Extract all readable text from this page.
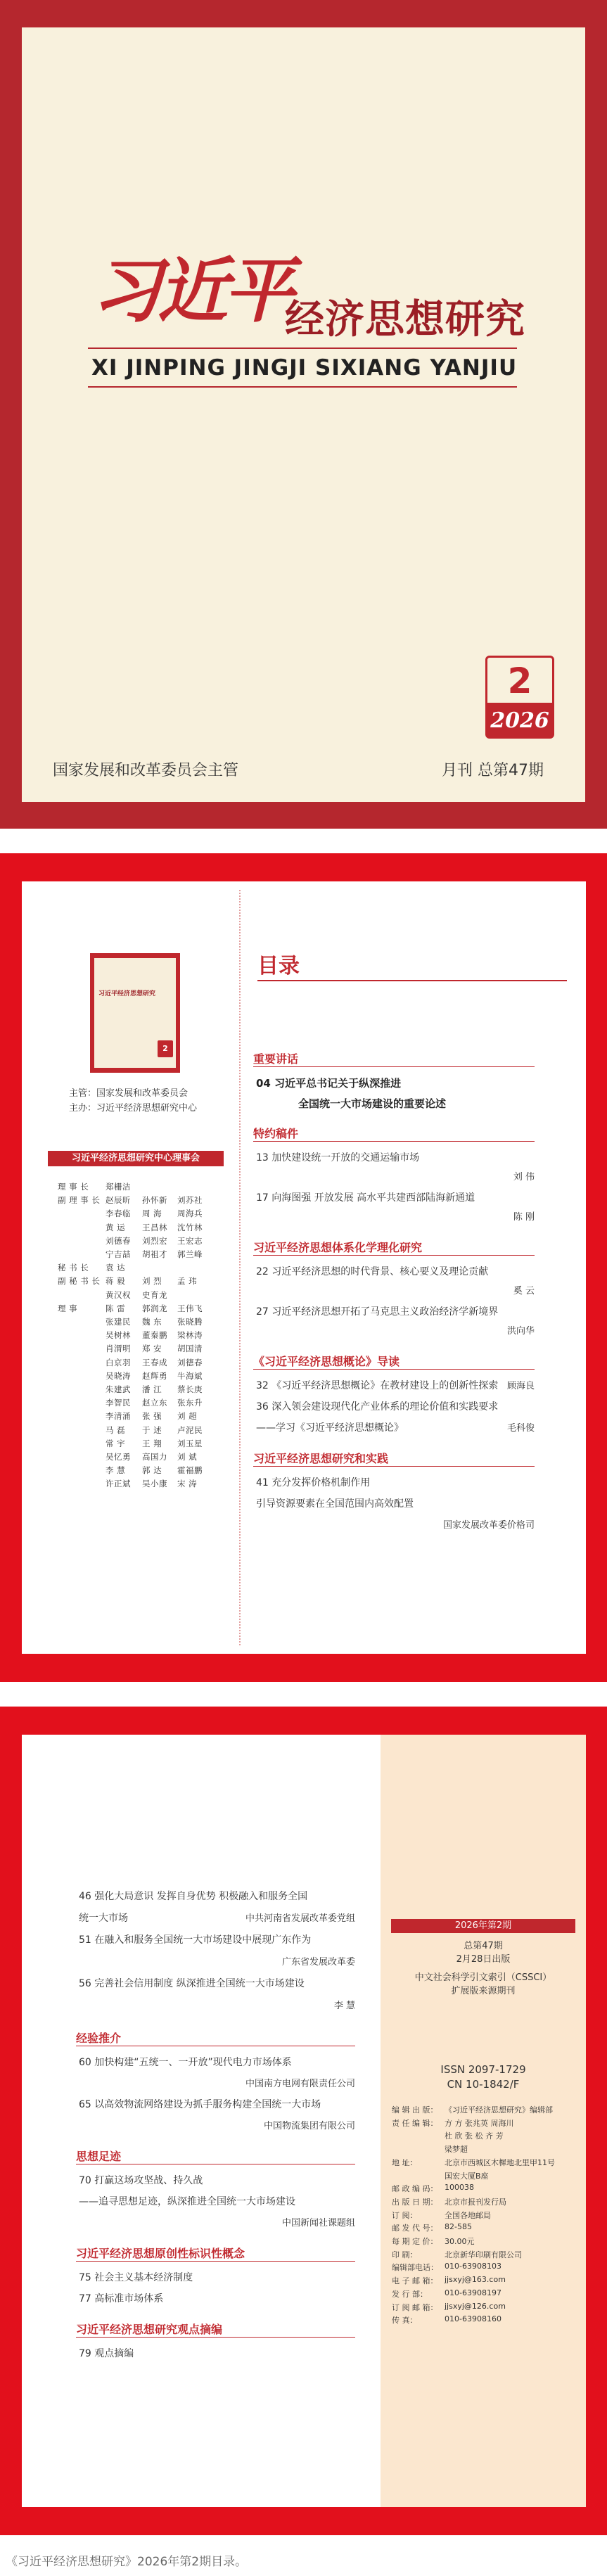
习近平
经济思想研究
XI JINPING JINGJI SIXIANG YANJIU
2
2026
国家发展和改革委员会主管	月刊 总第47期
习近平经济思想研究
2
主管：国家发展和改革委员会
主办：习近平经济思想研究中心
习近平经济思想研究中心理事会
目录
2026年第2期
总第47期
2月28日出版
中文社会科学引文索引（CSSCI）
扩展版来源期刊
ISSN 2097-1729
CN 10-1842/F
《习近平经济思想研究》2026年第2期目录。
理 事 长 郑栅洁
副 理 事 长 赵辰昕 孙怀新 刘苏社
李春临 周 海 周海兵
黄 运 王昌林 沈竹林
刘德春 刘烈宏 王宏志
宁吉喆 胡祖才 郭兰峰
秘 书 长 袁 达
副 秘 书 长 蒋 毅 刘 烈 孟 玮
黄汉权 史育龙
理 事	陈 雷 郭润龙 王伟飞
张建民 魏 东 张晓腾
吴树林 董秦鹏 梁林涛
肖渭明 郑 安 胡国清
白京羽 王春成 刘德春
吴晓涛 赵辉勇 牛海斌
朱建武 潘 江 蔡长庚
李智民 赵立东 张东升
李清涌 张 强 刘 超
马 磊 于 述 卢泥民
常 宇 王 翔 刘玉星
吴忆勇 高国力 刘 斌
李 慧 郭 达 霍福鹏
许正斌 吴小康 宋 涛
重要讲话
04 习近平总书记关于纵深推进
全国统一大市场建设的重要论述
特约稿件
13 加快建设统一开放的交通运输市场
刘 伟
17 向海图强 开放发展 高水平共建西部陆海新通道
陈 刚
习近平经济思想体系化学理化研究
22 习近平经济思想的时代背景、核心要义及理论贡献
奚 云
27 习近平经济思想开拓了马克思主义政治经济学新境界
洪向华
《习近平经济思想概论》导读
32 《习近平经济思想概论》在教材建设上的创新性探索 顾海良
36 深入领会建设现代化产业体系的理论价值和实践要求
——学习《习近平经济思想概论》	毛科俊
习近平经济思想研究和实践
41 充分发挥价格机制作用
引导资源要素在全国范围内高效配置
国家发展改革委价格司
46 强化大局意识 发挥自身优势 积极融入和服务全国
统一大市场	中共河南省发展改革委党组
51 在融入和服务全国统一大市场建设中展现广东作为
广东省发展改革委
56 完善社会信用制度 纵深推进全国统一大市场建设
李 慧
经验推介
60 加快构建“五统一、一开放”现代电力市场体系
中国南方电网有限责任公司
65 以高效物流网络建设为抓手服务构建全国统一大市场
中国物流集团有限公司
思想足迹
70 打赢这场攻坚战、持久战
——追寻思想足迹，纵深推进全国统一大市场建设
中国新闻社课题组
习近平经济思想原创性标识性概念
75 社会主义基本经济制度
77 高标准市场体系
习近平经济思想研究观点摘编
79 观点摘编
编 辑 出 版： 《习近平经济思想研究》编辑部
责 任 编 辑： 方 方 张兆英 周海川
杜 欣 张 松 齐 芳
梁梦超
地 址：	北京市西城区木樨地北里甲11号
国宏大厦B座
邮 政 编 码： 100038
出 版 日 期： 北京市报刊发行局
订 阅：	全国各地邮局
邮 发 代 号： 82-585
每 期 定 价： 30.00元
印 刷：	北京新华印刷有限公司
编辑部电话： 010-63908103
电 子 邮 箱： jjsxyj@163.com
发 行 部： 010-63908197
订 阅 邮 箱： jjsxyj@126.com
传 真：	010-63908160
